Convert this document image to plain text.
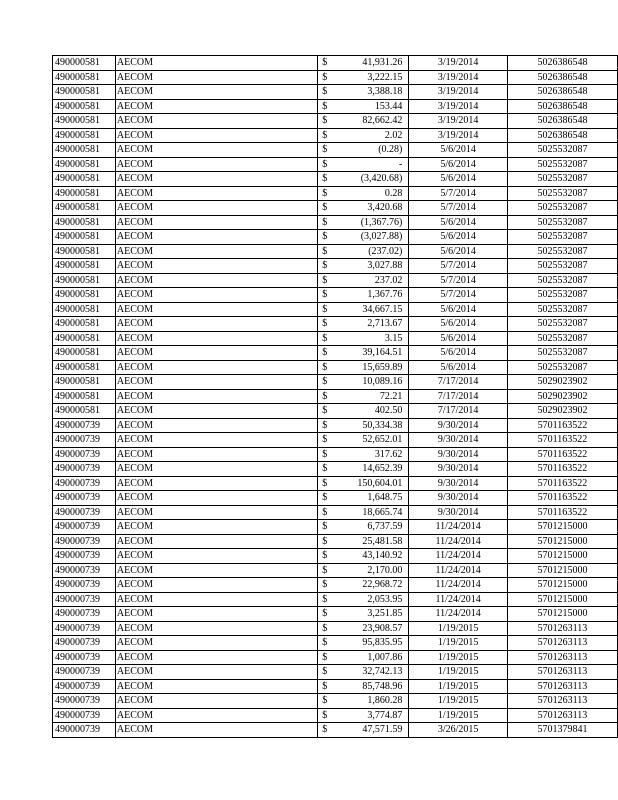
490000581	AECOM	$ 41,931.26	3/19/2014	5026386548
490000581	AECOM	$ 3,222.15	3/19/2014	5026386548
490000581	AECOM	$ 3,388.18	3/19/2014	5026386548
490000581	AECOM	$ 153.44	3/19/2014	5026386548
490000581	AECOM	$ 82,662.42	3/19/2014	5026386548
490000581	AECOM	$ 2.02	3/19/2014	5026386548
490000581	AECOM	$ (0.28)	5/6/2014	5025532087
490000581	AECOM	$ -	5/6/2014	5025532087
490000581	AECOM	$ (3,420.68)	5/6/2014	5025532087
490000581	AECOM	$ 0.28	5/7/2014	5025532087
490000581	AECOM	$ 3,420.68	5/7/2014	5025532087
490000581	AECOM	$ (1,367.76)	5/6/2014	5025532087
490000581	AECOM	$ (3,027.88)	5/6/2014	5025532087
490000581	AECOM	$ (237.02)	5/6/2014	5025532087
490000581	AECOM	$ 3,027.88	5/7/2014	5025532087
490000581	AECOM	$ 237.02	5/7/2014	5025532087
490000581	AECOM	$ 1,367.76	5/7/2014	5025532087
490000581	AECOM	$ 34,667.15	5/6/2014	5025532087
490000581	AECOM	$ 2,713.67	5/6/2014	5025532087
490000581	AECOM	$ 3.15	5/6/2014	5025532087
490000581	AECOM	$ 39,164.51	5/6/2014	5025532087
490000581	AECOM	$ 15,659.89	5/6/2014	5025532087
490000581	AECOM	$ 10,089.16	7/17/2014	5029023902
490000581	AECOM	$ 72.21	7/17/2014	5029023902
490000581	AECOM	$ 402.50	7/17/2014	5029023902
490000739	AECOM	$ 50,334.38	9/30/2014	5701163522
490000739	AECOM	$ 52,652.01	9/30/2014	5701163522
490000739	AECOM	$ 317.62	9/30/2014	5701163522
490000739	AECOM	$ 14,652.39	9/30/2014	5701163522
490000739	AECOM	$ 150,604.01	9/30/2014	5701163522
490000739	AECOM	$ 1,648.75	9/30/2014	5701163522
490000739	AECOM	$ 18,665.74	9/30/2014	5701163522
490000739	AECOM	$ 6,737.59	11/24/2014	5701215000
490000739	AECOM	$ 25,481.58	11/24/2014	5701215000
490000739	AECOM	$ 43,140.92	11/24/2014	5701215000
490000739	AECOM	$ 2,170.00	11/24/2014	5701215000
490000739	AECOM	$ 22,968.72	11/24/2014	5701215000
490000739	AECOM	$ 2,053.95	11/24/2014	5701215000
490000739	AECOM	$ 3,251.85	11/24/2014	5701215000
490000739	AECOM	$ 23,908.57	1/19/2015	5701263113
490000739	AECOM	$ 95,835.95	1/19/2015	5701263113
490000739	AECOM	$ 1,007.86	1/19/2015	5701263113
490000739	AECOM	$ 32,742.13	1/19/2015	5701263113
490000739	AECOM	$ 85,748.96	1/19/2015	5701263113
490000739	AECOM	$ 1,860.28	1/19/2015	5701263113
490000739	AECOM	$ 3,774.87	1/19/2015	5701263113
490000739	AECOM	$ 47,571.59	3/26/2015	5701379841
